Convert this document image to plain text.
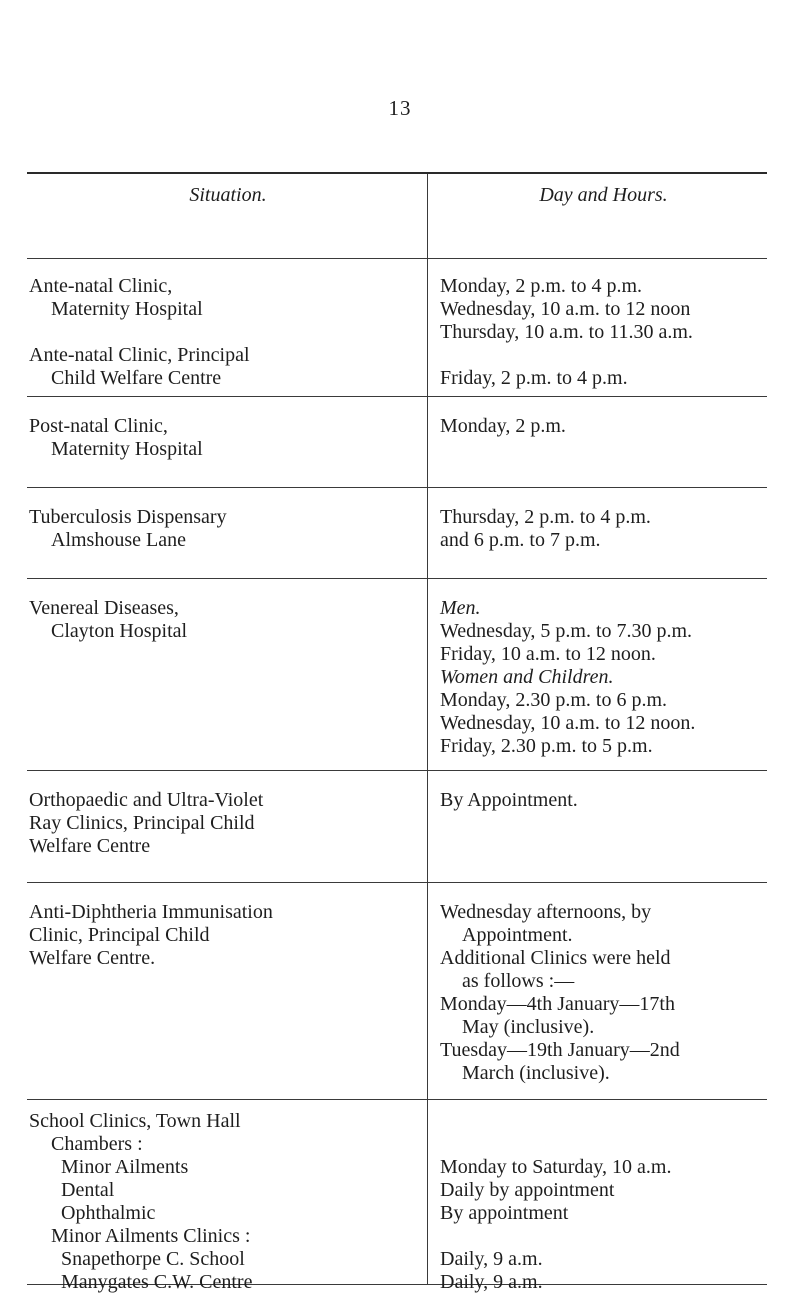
13
Situation.	Day and Hours.
Ante-natal Clinic,
Maternity Hospital
Ante-natal Clinic, Principal
Child Welfare Centre
Monday, 2 p.m. to 4 p.m.
Wednesday, 10 a.m. to 12 noon
Thursday, 10 a.m. to 11.30 a.m.
Friday, 2 p.m. to 4 p.m.
Post-natal Clinic,
Maternity Hospital
Monday, 2 p.m.
Tuberculosis Dispensary
Almshouse Lane
Thursday, 2 p.m. to 4 p.m.
and 6 p.m. to 7 p.m.
Venereal Diseases,
Clayton Hospital
Men.
Wednesday, 5 p.m. to 7.30 p.m.
Friday, 10 a.m. to 12 noon.
Women and Children.
Monday, 2.30 p.m. to 6 p.m.
Wednesday, 10 a.m. to 12 noon.
Friday, 2.30 p.m. to 5 p.m.
Orthopaedic and Ultra-Violet
Ray Clinics, Principal Child
Welfare Centre
By Appointment.
Anti-Diphtheria Immunisation
Clinic, Principal Child
Welfare Centre.
Wednesday afternoons, by
Appointment.
Additional Clinics were held
as follows :—
Monday—4th January—17th
May (inclusive).
Tuesday—19th January—2nd
March (inclusive).
School Clinics, Town Hall
Chambers :
Minor Ailments
Dental
Ophthalmic
Minor Ailments Clinics :
Snapethorpe C. School
Manygates C.W. Centre
Monday to Saturday, 10 a.m.
Daily by appointment
By appointment
Daily, 9 a.m.
Daily, 9 a.m.
